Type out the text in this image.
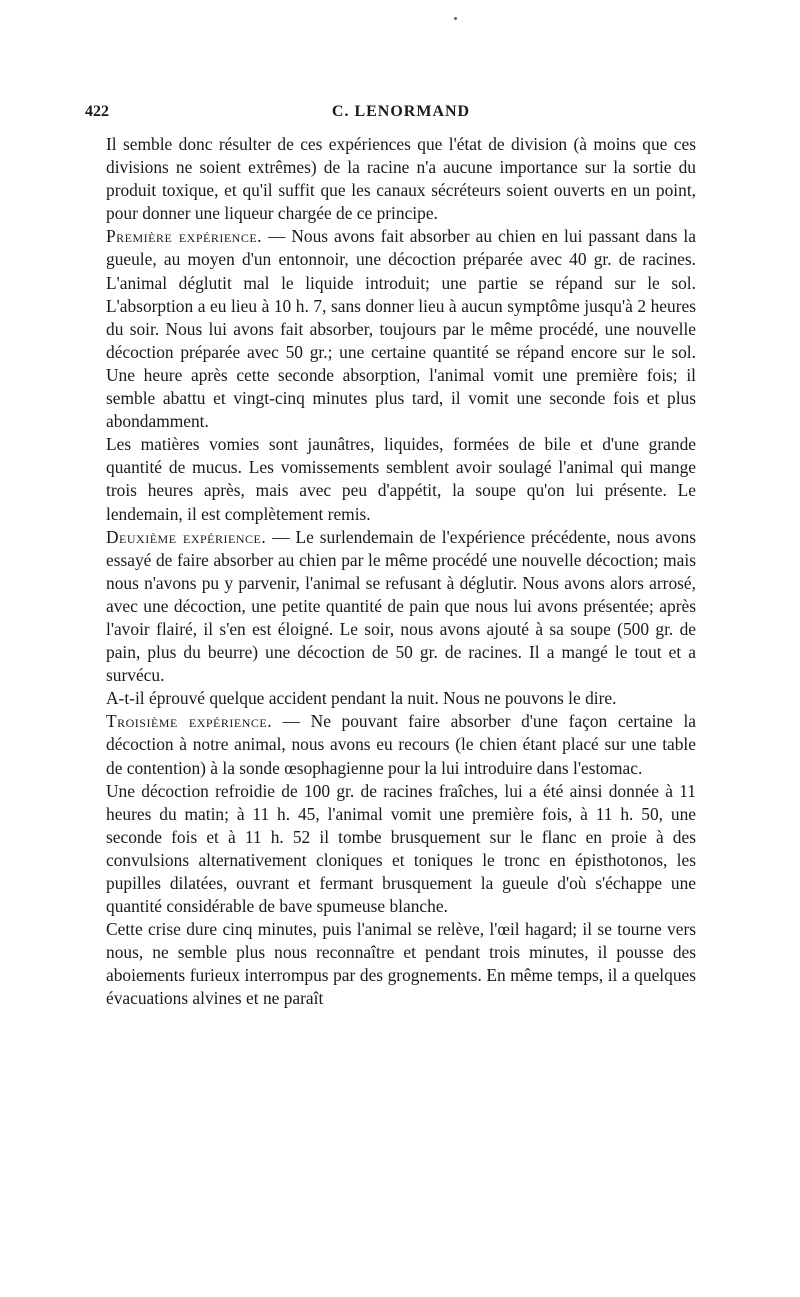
422	C. LENORMAND

Il semble donc résulter de ces expériences que l'état de division (à moins que ces divisions ne soient extrêmes) de la racine n'a aucune importance sur la sortie du produit toxique, et qu'il suffit que les canaux sécréteurs soient ouverts en un point, pour donner une liqueur chargée de ce principe.

Première expérience. — Nous avons fait absorber au chien en lui passant dans la gueule, au moyen d'un entonnoir, une décoction préparée avec 40 gr. de racines. L'animal déglutit mal le liquide introduit; une partie se répand sur le sol. L'absorption a eu lieu à 10 h. 7, sans donner lieu à aucun symptôme jusqu'à 2 heures du soir. Nous lui avons fait absorber, toujours par le même procédé, une nouvelle décoction préparée avec 50 gr.; une certaine quantité se répand encore sur le sol. Une heure après cette seconde absorption, l'animal vomit une première fois; il semble abattu et vingt-cinq minutes plus tard, il vomit une seconde fois et plus abondamment.

Les matières vomies sont jaunâtres, liquides, formées de bile et d'une grande quantité de mucus. Les vomissements semblent avoir soulagé l'animal qui mange trois heures après, mais avec peu d'appétit, la soupe qu'on lui présente. Le lendemain, il est complètement remis.

Deuxième expérience. — Le surlendemain de l'expérience précédente, nous avons essayé de faire absorber au chien par le même procédé une nouvelle décoction; mais nous n'avons pu y parvenir, l'animal se refusant à déglutir. Nous avons alors arrosé, avec une décoction, une petite quantité de pain que nous lui avons présentée; après l'avoir flairé, il s'en est éloigné. Le soir, nous avons ajouté à sa soupe (500 gr. de pain, plus du beurre) une décoction de 50 gr. de racines. Il a mangé le tout et a survécu.

A-t-il éprouvé quelque accident pendant la nuit. Nous ne pouvons le dire.

Troisième expérience. — Ne pouvant faire absorber d'une façon certaine la décoction à notre animal, nous avons eu recours (le chien étant placé sur une table de contention) à la sonde œsophagienne pour la lui introduire dans l'estomac.

Une décoction refroidie de 100 gr. de racines fraîches, lui a été ainsi donnée à 11 heures du matin; à 11 h. 45, l'animal vomit une première fois, à 11 h. 50, une seconde fois et à 11 h. 52 il tombe brusquement sur le flanc en proie à des convulsions alternativement cloniques et toniques le tronc en épisthotonos, les pupilles dilatées, ouvrant et fermant brusquement la gueule d'où s'échappe une quantité considérable de bave spumeuse blanche.

Cette crise dure cinq minutes, puis l'animal se relève, l'œil hagard; il se tourne vers nous, ne semble plus nous reconnaître et pendant trois minutes, il pousse des aboiements furieux interrompus par des grognements. En même temps, il a quelques évacuations alvines et ne paraît
